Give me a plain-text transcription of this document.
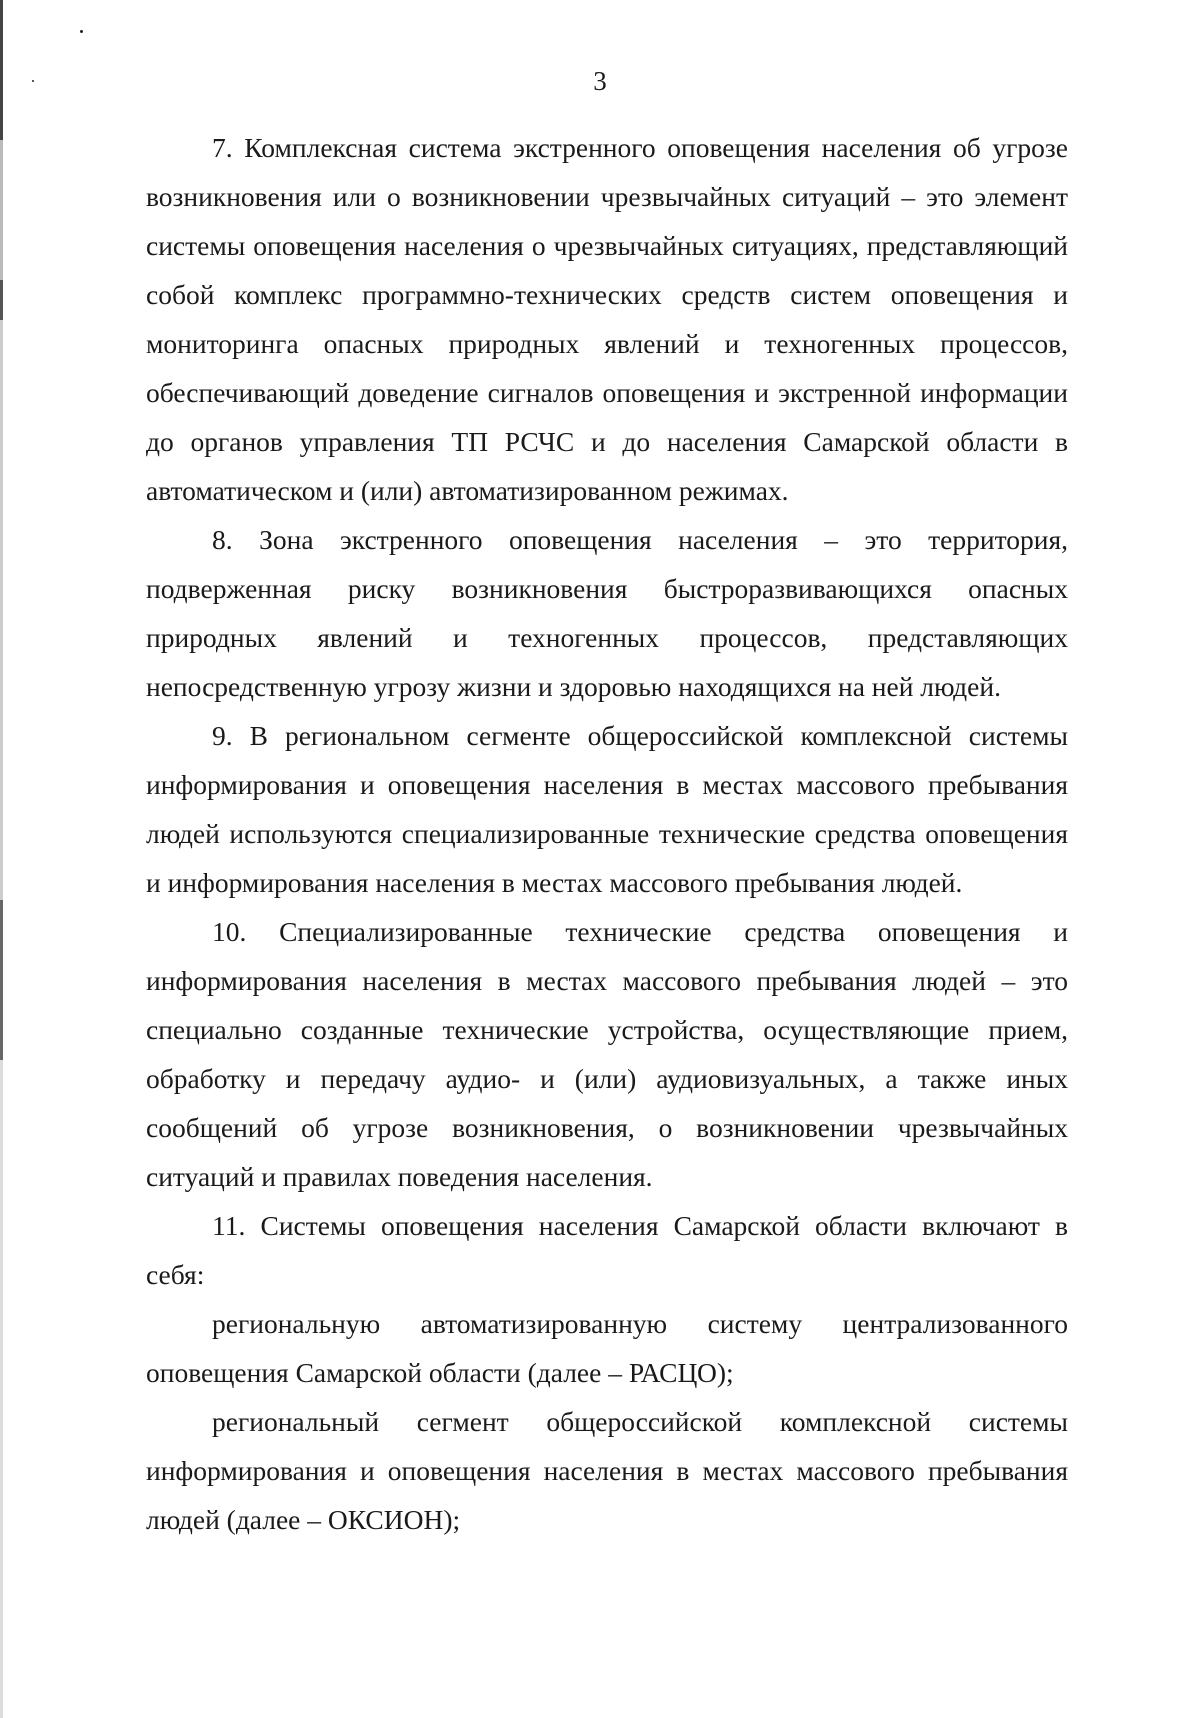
3

7. Комплексная система экстренного оповещения населения об угрозе возникновения или о возникновении чрезвычайных ситуаций – это элемент системы оповещения населения о чрезвычайных ситуациях, представляющий собой комплекс программно-технических средств систем оповещения и мониторинга опасных природных явлений и техногенных процессов, обеспечивающий доведение сигналов оповещения и экстренной информации до органов управления ТП РСЧС и до населения Самарской области в автоматическом и (или) автоматизированном режимах.

8. Зона экстренного оповещения населения – это территория, подверженная риску возникновения быстроразвивающихся опасных природных явлений и техногенных процессов, представляющих непосредственную угрозу жизни и здоровью находящихся на ней людей.

9. В региональном сегменте общероссийской комплексной системы информирования и оповещения населения в местах массового пребывания людей используются специализированные технические средства оповещения и информирования населения в местах массового пребывания людей.

10. Специализированные технические средства оповещения и информирования населения в местах массового пребывания людей – это специально созданные технические устройства, осуществляющие прием, обработку и передачу аудио- и (или) аудиовизуальных, а также иных сообщений об угрозе возникновения, о возникновении чрезвычайных ситуаций и правилах поведения населения.

11. Системы оповещения населения Самарской области включают в себя:

региональную автоматизированную систему централизованного оповещения Самарской области (далее – РАСЦО);

региональный сегмент общероссийской комплексной системы информирования и оповещения населения в местах массового пребывания людей (далее – ОКСИОН);
